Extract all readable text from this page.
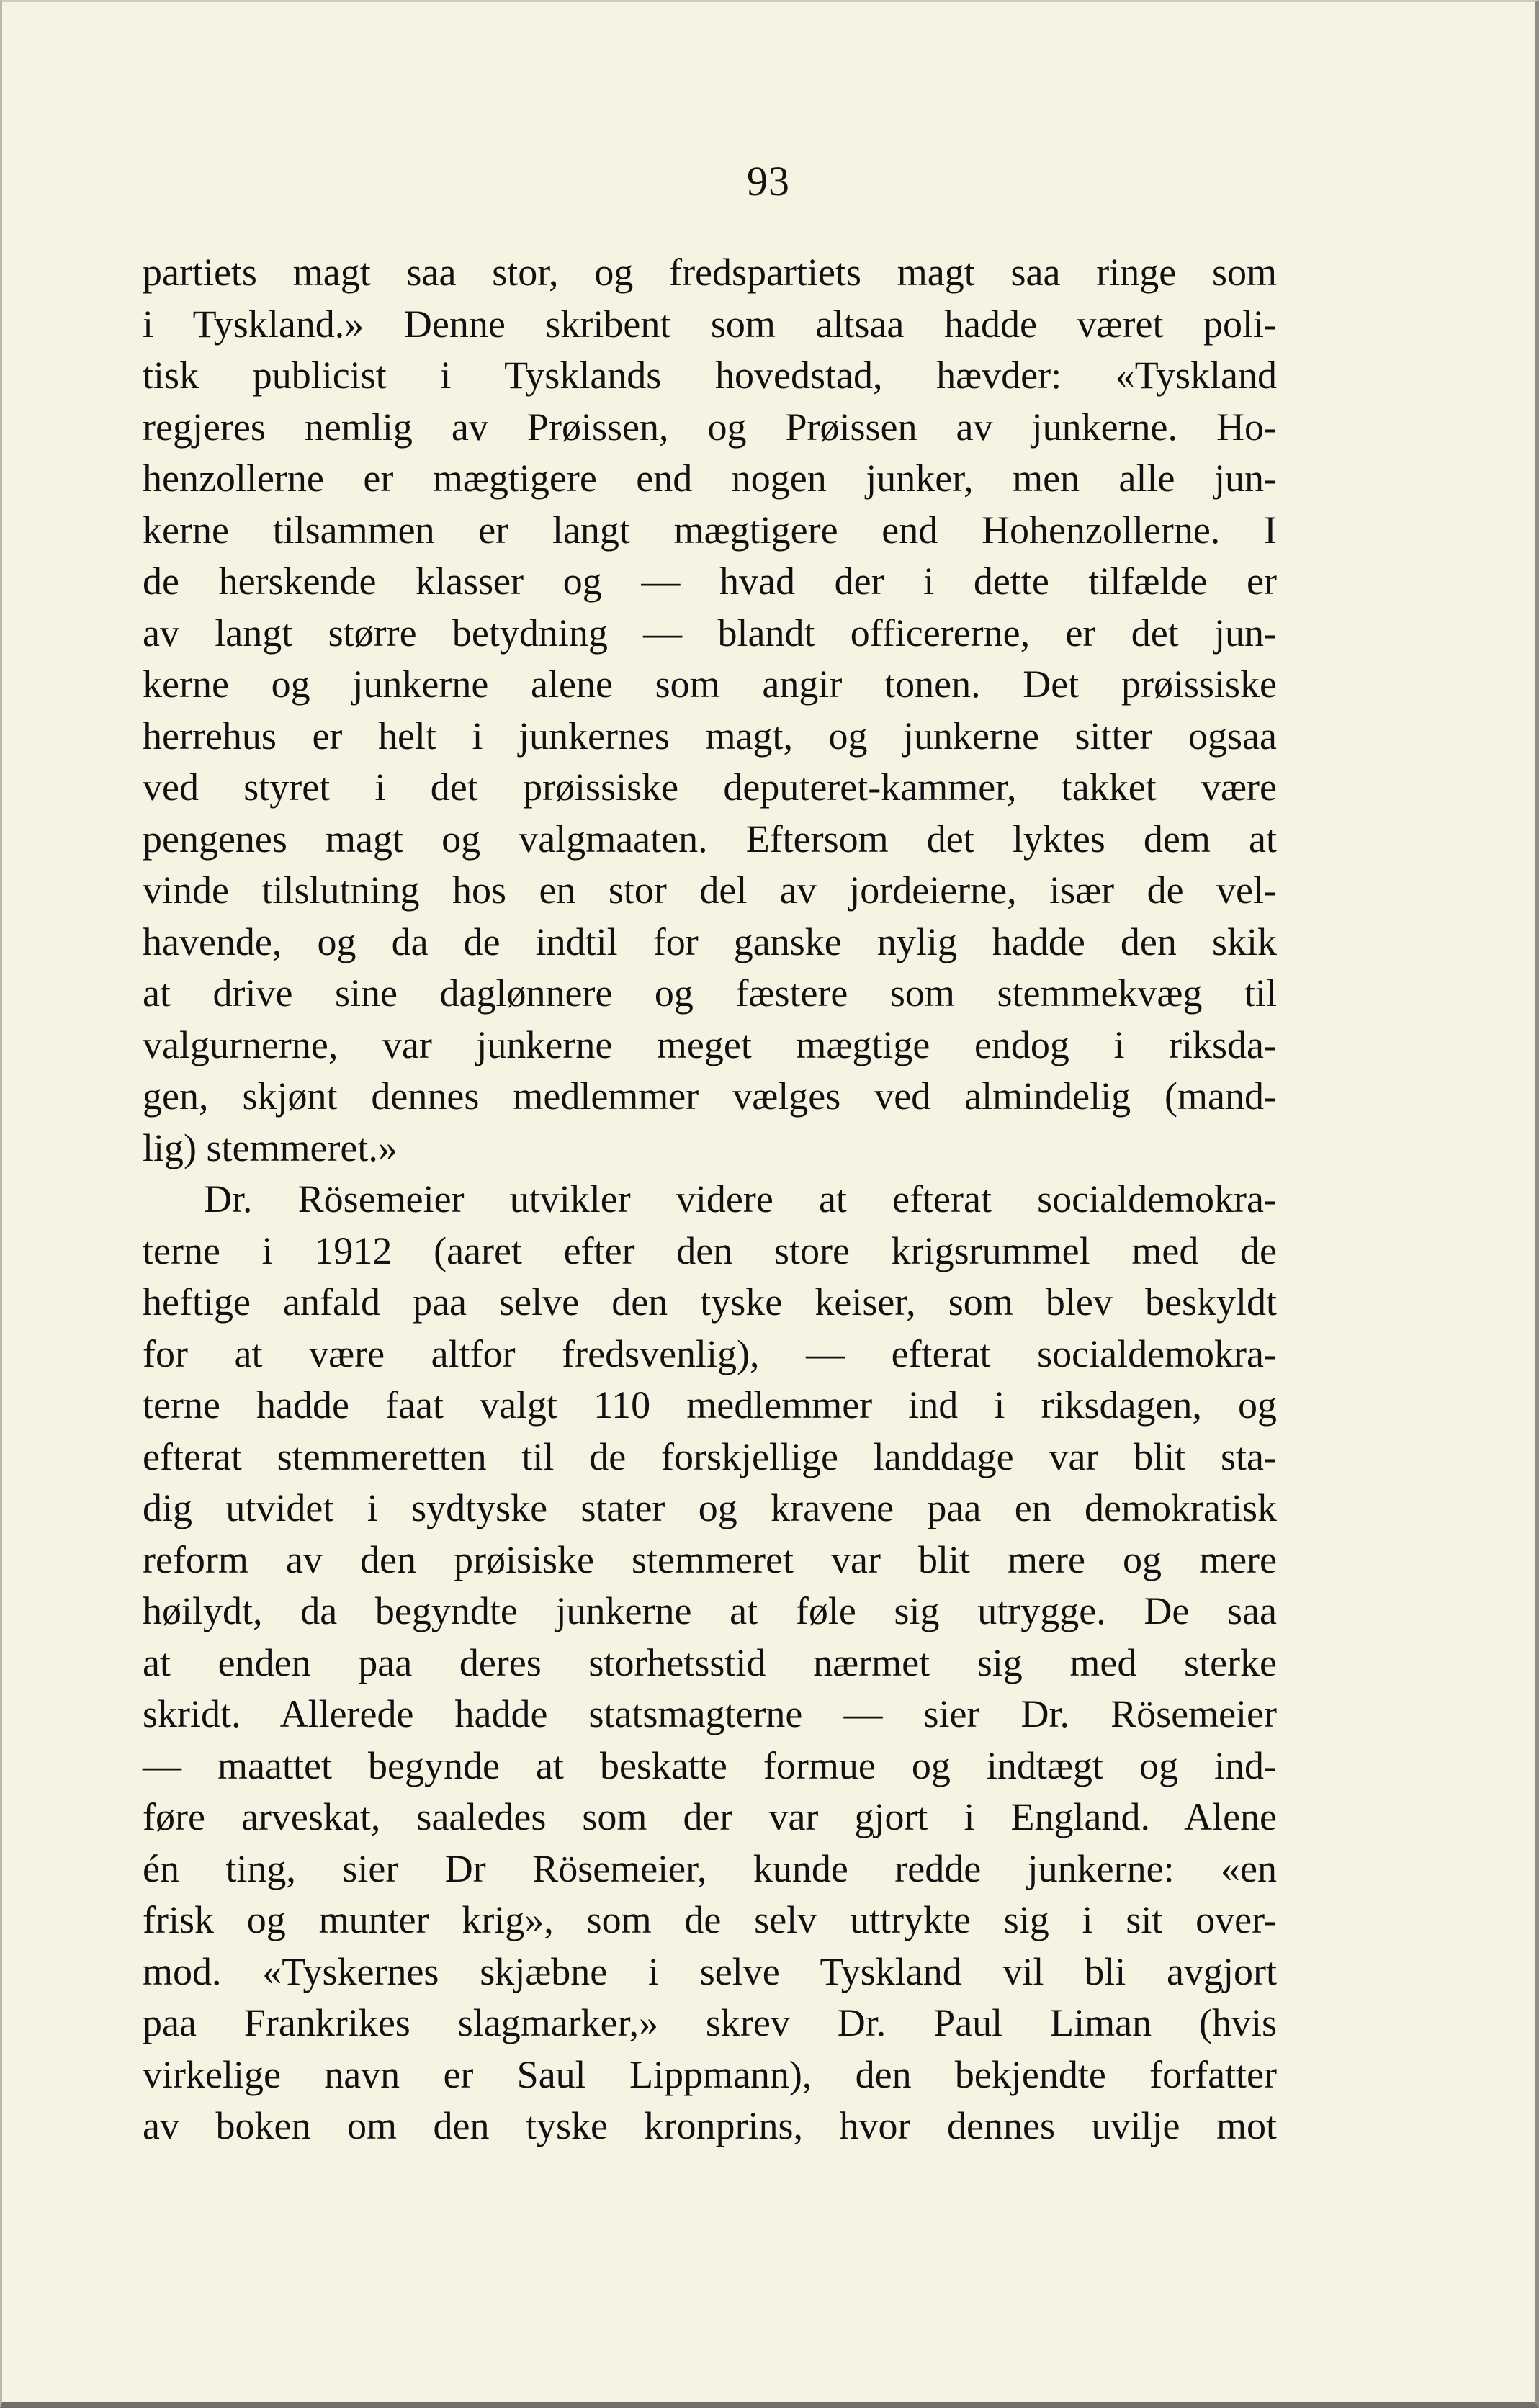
93
partiets magt saa stor, og fredspartiets magt saa ringe som
i Tyskland.» Denne skribent som altsaa hadde været poli-
tisk publicist i Tysklands hovedstad, hævder: «Tyskland
regjeres nemlig av Prøissen, og Prøissen av junkerne. Ho-
henzollerne er mægtigere end nogen junker, men alle jun-
kerne tilsammen er langt mægtigere end Hohenzollerne. I
de herskende klasser og — hvad der i dette tilfælde er
av langt større betydning — blandt officererne, er det jun-
kerne og junkerne alene som angir tonen. Det prøissiske
herrehus er helt i junkernes magt, og junkerne sitter ogsaa
ved styret i det prøissiske deputeret-kammer, takket være
pengenes magt og valgmaaten. Eftersom det lyktes dem at
vinde tilslutning hos en stor del av jordeierne, især de vel-
havende, og da de indtil for ganske nylig hadde den skik
at drive sine daglønnere og fæstere som stemmekvæg til
valgurnerne, var junkerne meget mægtige endog i riksda-
gen, skjønt dennes medlemmer vælges ved almindelig (mand-
lig) stemmeret.»
Dr. Rösemeier utvikler videre at efterat socialdemokra-
terne i 1912 (aaret efter den store krigsrummel med de
heftige anfald paa selve den tyske keiser, som blev beskyldt
for at være altfor fredsvenlig), — efterat socialdemokra-
terne hadde faat valgt 110 medlemmer ind i riksdagen, og
efterat stemmeretten til de forskjellige landdage var blit sta-
dig utvidet i sydtyske stater og kravene paa en demokratisk
reform av den prøisiske stemmeret var blit mere og mere
høilydt, da begyndte junkerne at føle sig utrygge. De saa
at enden paa deres storhetsstid nærmet sig med sterke
skridt. Allerede hadde statsmagterne — sier Dr. Rösemeier
— maattet begynde at beskatte formue og indtægt og ind-
føre arveskat, saaledes som der var gjort i England. Alene
én ting, sier Dr Rösemeier, kunde redde junkerne: «en
frisk og munter krig», som de selv uttrykte sig i sit over-
mod. «Tyskernes skjæbne i selve Tyskland vil bli avgjort
paa Frankrikes slagmarker,» skrev Dr. Paul Liman (hvis
virkelige navn er Saul Lippmann), den bekjendte forfatter
av boken om den tyske kronprins, hvor dennes uvilje mot
